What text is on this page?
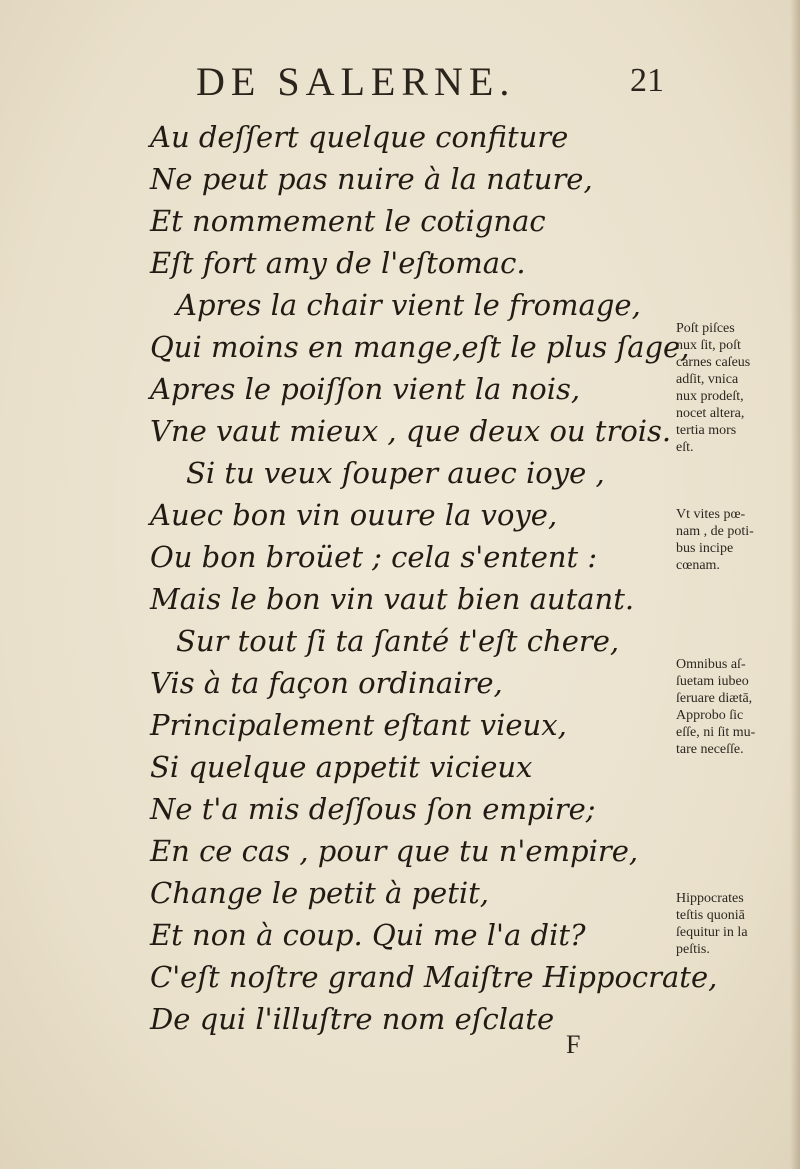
DE SALERNE.	21
Au deſſert quelque confiture
Ne peut pas nuire à la nature,
Et nommement le cotignac
Eſt fort amy de l'eſtomac.
Apres la chair vient le fromage,
Qui moins en mange,eſt le plus ſage,
Apres le poiſſon vient la nois,
Vne vaut mieux , que deux ou trois.
Si tu veux ſouper auec ioye ,
Auec bon vin ouure la voye,
Ou bon broüet ; cela s'entent :
Mais le bon vin vaut bien autant.
Sur tout ſi ta ſanté t'eſt chere,
Vis à ta façon ordinaire,
Principalement eſtant vieux,
Si quelque appetit vicieux
Ne t'a mis deſſous ſon empire;
En ce cas , pour que tu n'empire,
Change le petit à petit,
Et non à coup. Qui me l'a dit?
C'eſt noſtre grand Maiſtre Hippocrate,
De qui l'illuſtre nom eſclate
Poſt piſces
nux ſit, poſt
carnes caſeus
adſit, vnica
nux prodeſt,
nocet altera,
tertia mors
eſt.
Vt vites pœ-
nam , de poti-
bus incipe
cœnam.
Omnibus aſ-
ſuetam iubeo
ſeruare diætā,
Approbo ſic
eſſe, ni ſit mu-
tare neceſſe.
Hippocrates
teſtis quoniā
ſequitur in la
peſtis.
F
